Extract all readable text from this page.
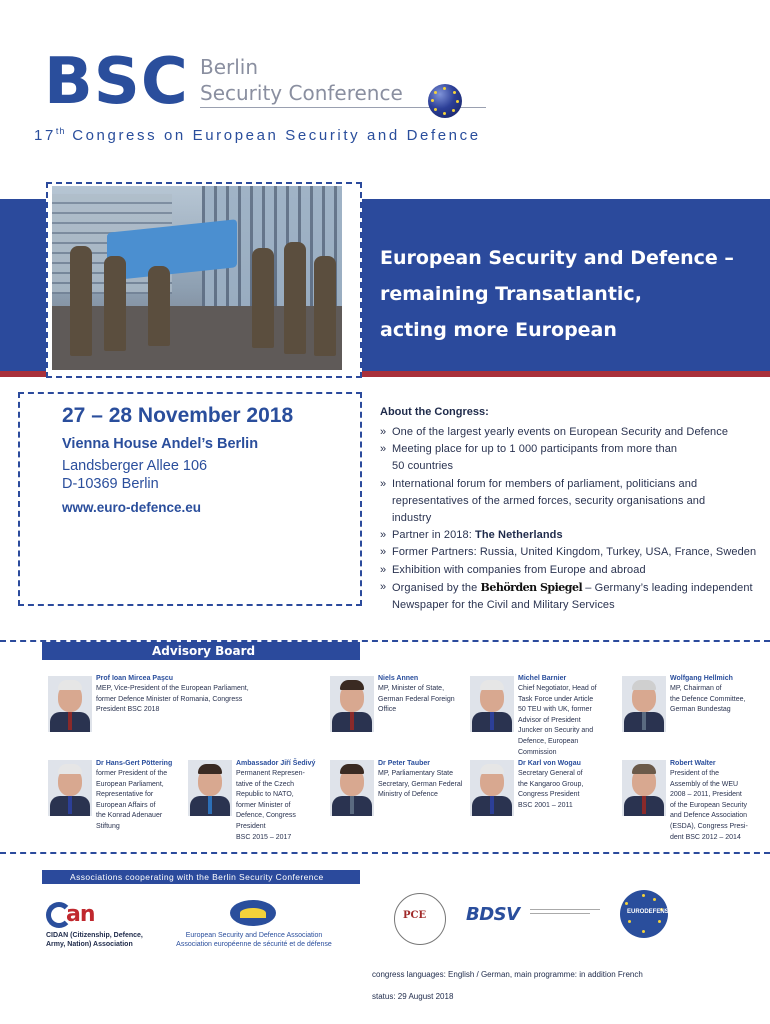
BSC Berlin
Security Conference
17th Congress on European Security and Defence
European Security and Defence –
remaining Transatlantic,
acting more European
27 – 28 November 2018
Vienna House Andel’s Berlin
Landsberger Allee 106
D-10369 Berlin
www.euro-defence.eu
About the Congress:
» One of the largest yearly events on European Security and Defence
» Meeting place for up to 1 000 participants from more than
50 countries
» International forum for members of parliament, politicians and
representatives of the armed forces, security organisations and
industry
» Partner in 2018: The Netherlands
» Former Partners: Russia, United Kingdom, Turkey, USA, France, Sweden
» Exhibition with companies from Europe and abroad
» Organised by the Behörden Spiegel – Germany’s leading independent
Newspaper for the Civil and Military Services
Advisory Board
Prof Ioan Mircea Paşcu
MEP, Vice-President of the European Parliament,
former Defence Minister of Romania, Congress
President BSC 2018
Niels Annen
MP, Minister of State,
German Federal Foreign
Office
Michel Barnier
Chief Negotiator, Head of
Task Force under Article
50 TEU with UK, former
Advisor of President
Juncker on Security and
Defence, European
Commission
Wolfgang Hellmich
MP, Chairman of
the Defence Committee,
German Bundestag
Dr Hans-Gert Pöttering
former President of the
European Parliament,
Representative for
European Affairs of
the Konrad Adenauer
Stiftung
Ambassador Jiří Šedivý
Permanent Represen-
tative of the Czech
Republic to NATO,
former Minister of
Defence, Congress
President
BSC 2015 – 2017
Dr Peter Tauber
MP, Parliamentary State
Secretary, German Federal
Ministry of Defence
Dr Karl von Wogau
Secretary General of
the Kangaroo Group,
Congress President
BSC 2001 – 2011
Robert Walter
President of the
Assembly of the WEU
2008 – 2011, President
of the European Security
and Defence Association
(ESDA), Congress Presi-
dent BSC 2012 – 2014
Associations cooperating with the Berlin Security Conference
an
CIDAN (Citizenship, Defence,
Army, Nation) Association
European Security and Defence Association
Association européenne de sécurité et de défense
PCE BDSV	EURODEFENSE
congress languages: English / German, main programme: in addition French
status: 29 August 2018
